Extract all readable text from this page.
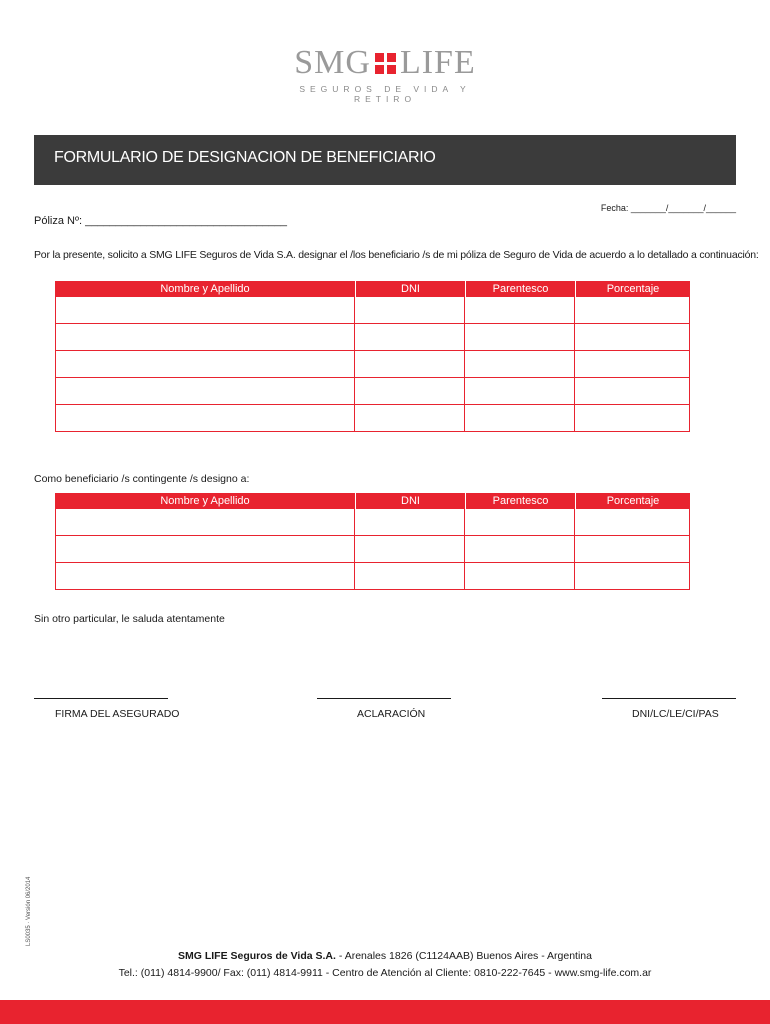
SMG LIFE
SEGUROS DE VIDA Y RETIRO
FORMULARIO DE DESIGNACION DE BENEFICIARIO
Fecha: _______/_______/______
Póliza Nº: _________________________________
Por la presente, solicito a SMG LIFE Seguros de Vida S.A. designar el /los beneficiario /s de mi póliza de Seguro de Vida de acuerdo a lo detallado a continuación:
Nombre y Apellido	DNI	Parentesco	Porcentaje

Como beneficiario /s contingente /s designo a:
Nombre y Apellido	DNI	Parentesco	Porcentaje

Sin otro particular, le saluda atentamente
FIRMA DEL ASEGURADO	ACLARACIÓN	DNI/LC/LE/CI/PAS
LS0035 · Versión 06/2014
SMG LIFE Seguros de Vida S.A. - Arenales 1826 (C1124AAB) Buenos Aires - Argentina
Tel.: (011) 4814-9900/ Fax: (011) 4814-9911 - Centro de Atención al Cliente: 0810-222-7645 - www.smg-life.com.ar
